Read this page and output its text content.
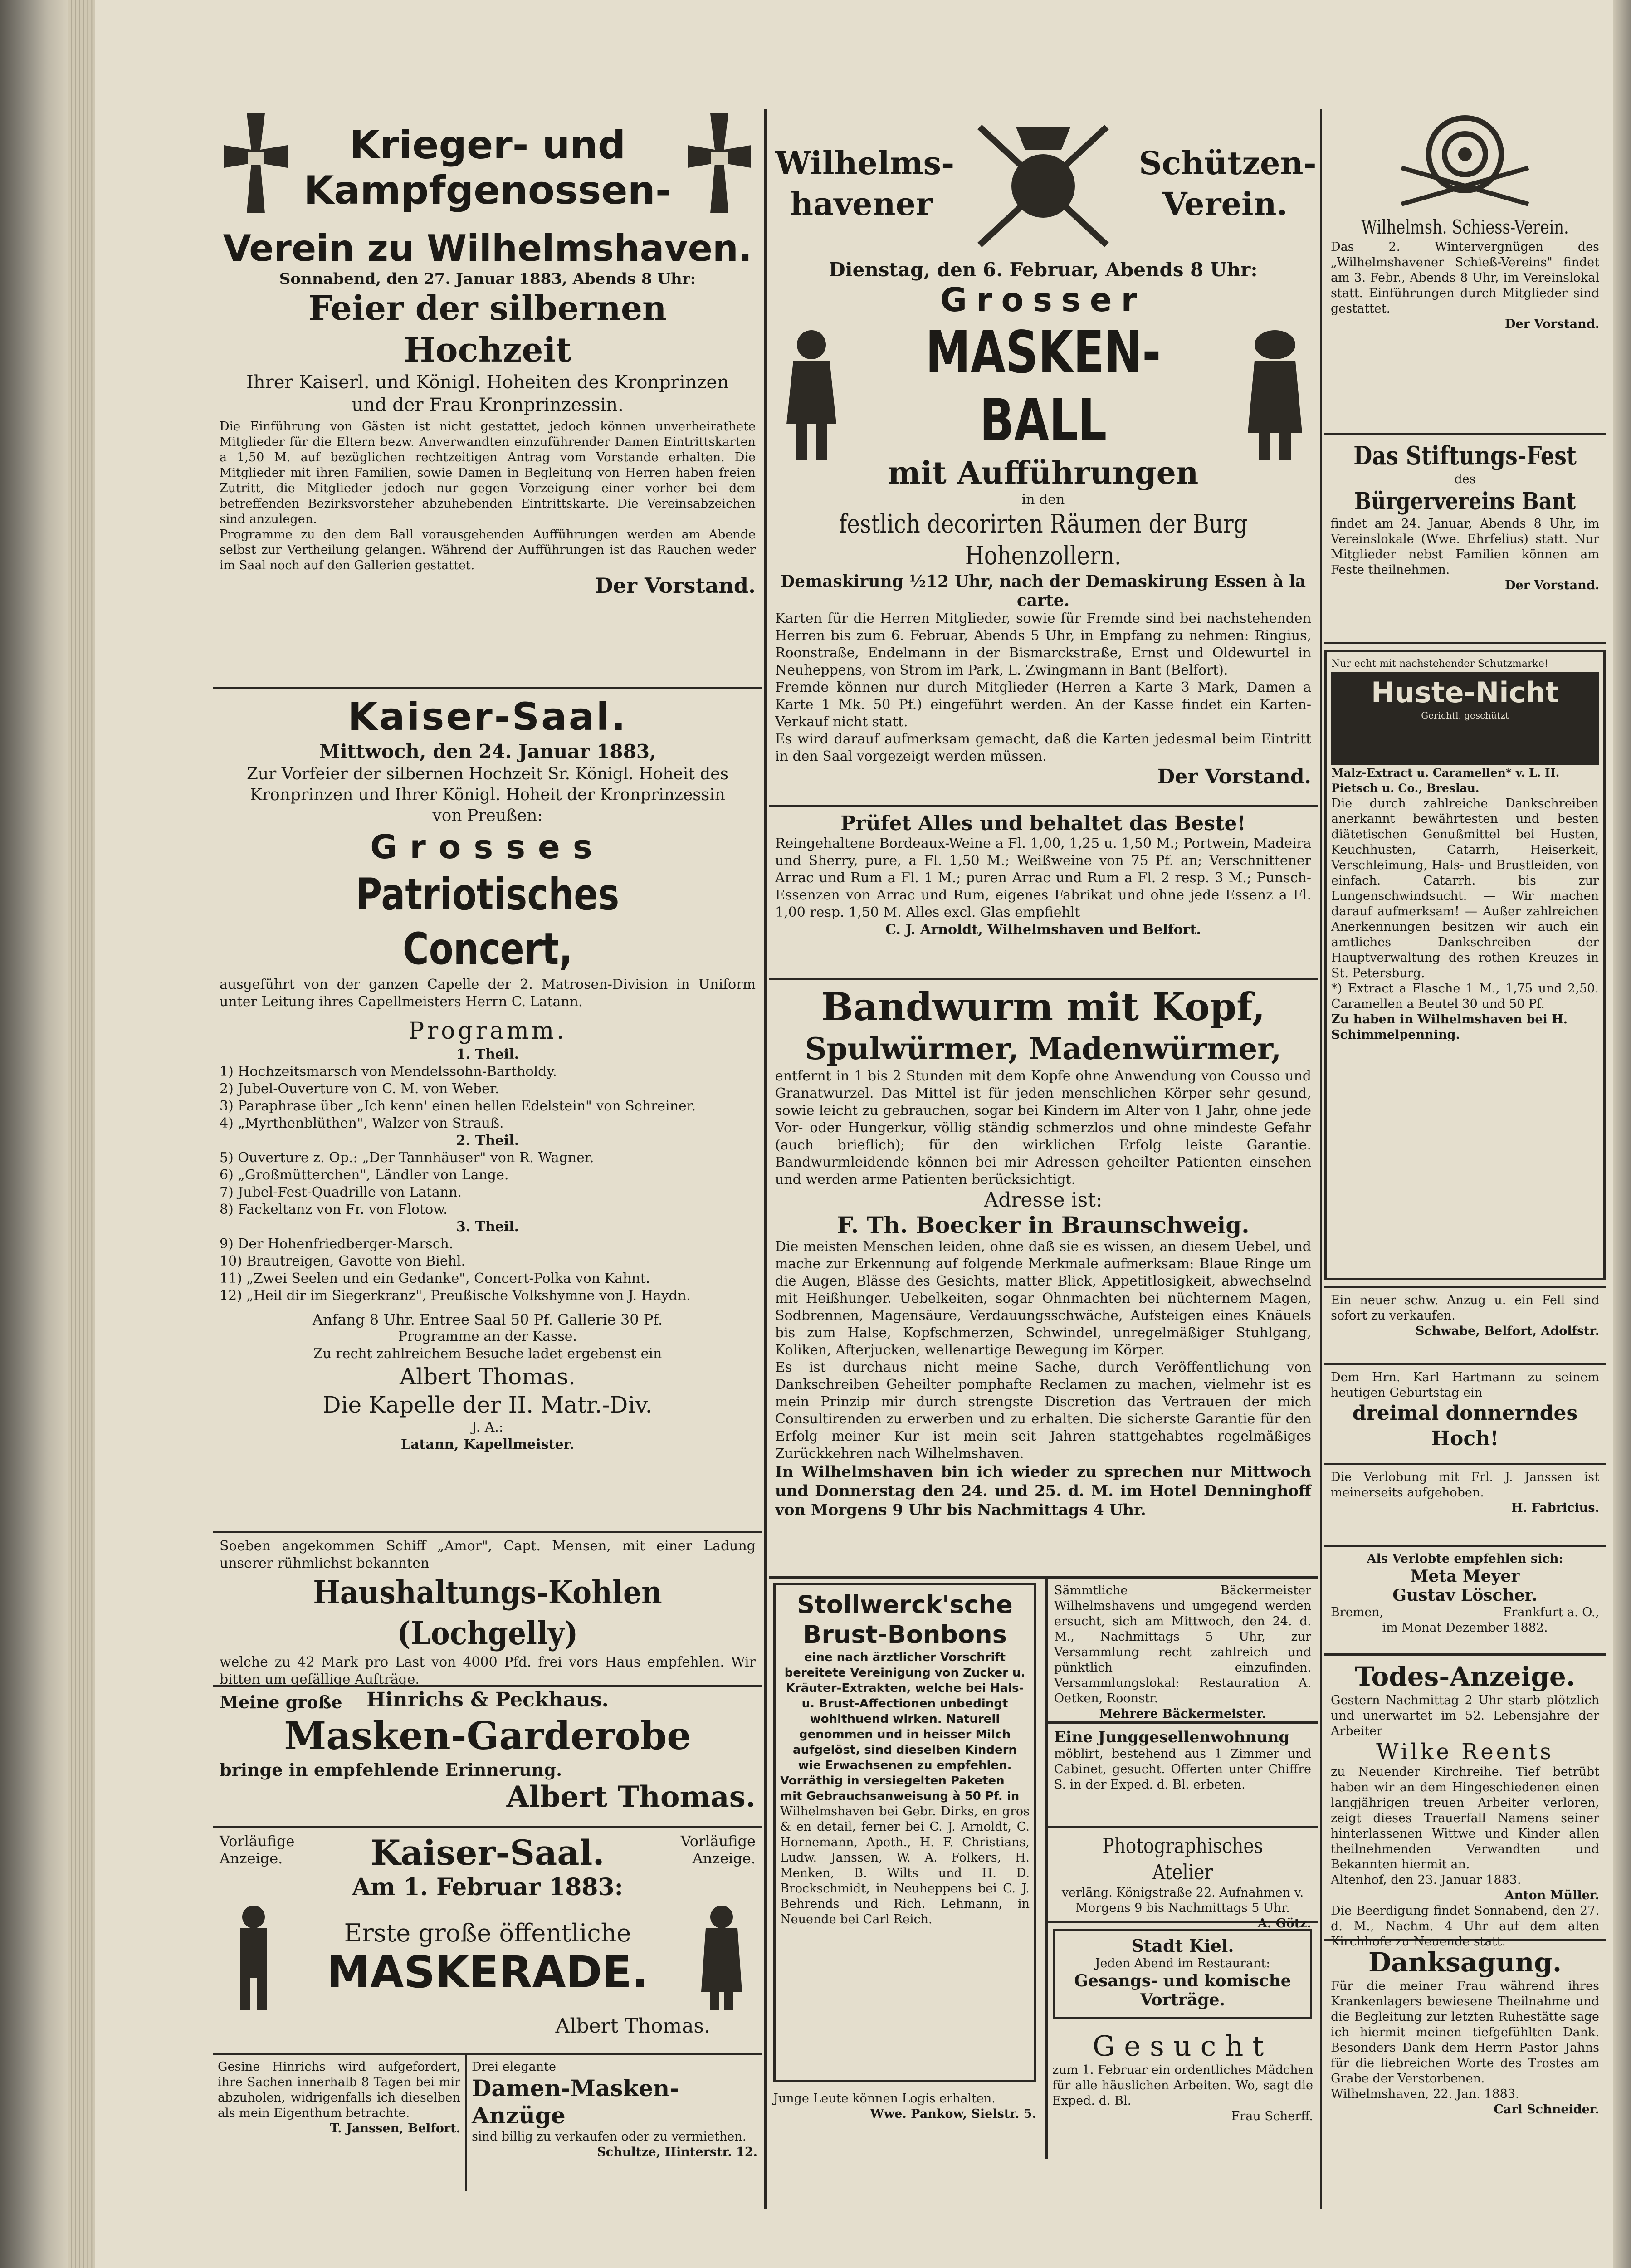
Krieger- und
Kampfgenossen-
Verein zu Wilhelmshaven.
Sonnabend, den 27. Januar 1883, Abends 8 Uhr:
Feier der silbernen Hochzeit
Ihrer Kaiserl. und Königl. Hoheiten des Kronprinzen
und der Frau Kronprinzessin.

Die Einführung von Gästen ist nicht gestattet, jedoch können unverheirathete Mitglieder für die Eltern bezw. Anverwandten einzuführender Damen Eintrittskarten a 1,50 M. auf bezüglichen rechtzeitigen Antrag vom Vorstande erhalten. Die Mitglieder mit ihren Familien, sowie Damen in Begleitung von Herren haben freien Zutritt, die Mitglieder jedoch nur gegen Vorzeigung einer vorher bei dem betreffenden Bezirksvorsteher abzuhebenden Eintrittskarte. Die Vereinsabzeichen sind anzulegen.

Programme zu den dem Ball vorausgehenden Aufführungen werden am Abende selbst zur Vertheilung gelangen. Während der Aufführungen ist das Rauchen weder im Saal noch auf den Gallerien gestattet.

Der Vorstand.
Kaiser-Saal.
Mittwoch, den 24. Januar 1883,
Zur Vorfeier der silbernen Hochzeit Sr. Königl. Hoheit des
Kronprinzen und Ihrer Königl. Hoheit der Kronprinzessin
von Preußen:
Grosses
Patriotisches Concert,

ausgeführt von der ganzen Capelle der 2. Matrosen-Division in Uniform unter Leitung ihres Capellmeisters Herrn C. Latann.

Programm.
1. Theil.
1) Hochzeitsmarsch von Mendelssohn-Bartholdy.
2) Jubel-Ouverture von C. M. von Weber.
3) Paraphrase über „Ich kenn' einen hellen Edelstein" von Schreiner.
4) „Myrthenblüthen", Walzer von Strauß.
2. Theil.
5) Ouverture z. Op.: „Der Tannhäuser" von R. Wagner.
6) „Großmütterchen", Ländler von Lange.
7) Jubel-Fest-Quadrille von Latann.
8) Fackeltanz von Fr. von Flotow.
3. Theil.
9) Der Hohenfriedberger-Marsch.
10) Brautreigen, Gavotte von Biehl.
11) „Zwei Seelen und ein Gedanke", Concert-Polka von Kahnt.
12) „Heil dir im Siegerkranz", Preußische Volkshymne von J. Haydn.
Anfang 8 Uhr. Entree Saal 50 Pf. Gallerie 30 Pf.
Programme an der Kasse.
Zu recht zahlreichem Besuche ladet ergebenst ein
Albert Thomas.
Die Kapelle der II. Matr.-Div.
J. A.:
Latann, Kapellmeister.

Soeben angekommen Schiff „Amor", Capt. Mensen, mit einer Ladung unserer rühmlichst bekannten

Haushaltungs-Kohlen (Lochgelly)

welche zu 42 Mark pro Last von 4000 Pfd. frei vors Haus empfehlen. Wir bitten um gefällige Aufträge.

Hinrichs & Peckhaus.
Meine große
Masken-Garderobe
bringe in empfehlende Erinnerung.
Albert Thomas.
Vorläufige Anzeige.	Kaiser-Saal.	Vorläufige Anzeige.
Am 1. Februar 1883:
Erste große öffentliche
MASKERADE.
Albert Thomas.

Gesine Hinrichs wird aufgefordert, ihre Sachen innerhalb 8 Tagen bei mir abzuholen, widrigenfalls ich dieselben als mein Eigenthum betrachte.

T. Janssen, Belfort.
Drei elegante
Damen-Masken-Anzüge

sind billig zu verkaufen oder zu vermiethen.

Schultze, Hinterstr. 12.
Wilhelms-
havener
Schützen-
Verein.
Dienstag, den 6. Februar, Abends 8 Uhr:
Grosser
MASKEN-BALL
mit Aufführungen
in den
festlich decorirten Räumen der Burg Hohenzollern.
Demaskirung ½12 Uhr, nach der Demaskirung Essen à la carte.

Karten für die Herren Mitglieder, sowie für Fremde sind bei nachstehenden Herren bis zum 6. Februar, Abends 5 Uhr, in Empfang zu nehmen: Ringius, Roonstraße, Endelmann in der Bismarckstraße, Ernst und Oldewurtel in Neuheppens, von Strom im Park, L. Zwingmann in Bant (Belfort).

Fremde können nur durch Mitglieder (Herren a Karte 3 Mark, Damen a Karte 1 Mk. 50 Pf.) eingeführt werden. An der Kasse findet ein Karten-Verkauf nicht statt.

Es wird darauf aufmerksam gemacht, daß die Karten jedesmal beim Eintritt in den Saal vorgezeigt werden müssen.

Der Vorstand.
Prüfet Alles und behaltet das Beste!

Reingehaltene Bordeaux-Weine a Fl. 1,00, 1,25 u. 1,50 M.; Portwein, Madeira und Sherry, pure, a Fl. 1,50 M.; Weißweine von 75 Pf. an; Verschnittener Arrac und Rum a Fl. 1 M.; puren Arrac und Rum a Fl. 2 resp. 3 M.; Punsch-Essenzen von Arrac und Rum, eigenes Fabrikat und ohne jede Essenz a Fl. 1,00 resp. 1,50 M. Alles excl. Glas empfiehlt

C. J. Arnoldt, Wilhelmshaven und Belfort.
Bandwurm mit Kopf,
Spulwürmer, Madenwürmer,

entfernt in 1 bis 2 Stunden mit dem Kopfe ohne Anwendung von Cousso und Granatwurzel. Das Mittel ist für jeden menschlichen Körper sehr gesund, sowie leicht zu gebrauchen, sogar bei Kindern im Alter von 1 Jahr, ohne jede Vor- oder Hungerkur, völlig ständig schmerzlos und ohne mindeste Gefahr (auch brieflich); für den wirklichen Erfolg leiste Garantie. Bandwurmleidende können bei mir Adressen geheilter Patienten einsehen und werden arme Patienten berücksichtigt.

Adresse ist:
F. Th. Boecker in Braunschweig.

Die meisten Menschen leiden, ohne daß sie es wissen, an diesem Uebel, und mache zur Erkennung auf folgende Merkmale aufmerksam: Blaue Ringe um die Augen, Blässe des Gesichts, matter Blick, Appetitlosigkeit, abwechselnd mit Heißhunger. Uebelkeiten, sogar Ohnmachten bei nüchternem Magen, Sodbrennen, Magensäure, Verdauungsschwäche, Aufsteigen eines Knäuels bis zum Halse, Kopfschmerzen, Schwindel, unregelmäßiger Stuhlgang, Koliken, Afterjucken, wellenartige Bewegung im Körper.

Es ist durchaus nicht meine Sache, durch Veröffentlichung von Dankschreiben Geheilter pomphafte Reclamen zu machen, vielmehr ist es mein Prinzip mir durch strengste Discretion das Vertrauen der mich Consultirenden zu erwerben und zu erhalten. Die sicherste Garantie für den Erfolg meiner Kur ist mein seit Jahren stattgehabtes regelmäßiges Zurückkehren nach Wilhelmshaven.

In Wilhelmshaven bin ich wieder zu sprechen nur Mittwoch und Donnerstag den 24. und 25. d. M. im Hotel Denninghoff von Morgens 9 Uhr bis Nachmittags 4 Uhr.

Stollwerck'sche
Brust-Bonbons

eine nach ärztlicher Vorschrift bereitete Vereinigung von Zucker u. Kräuter-Extrakten, welche bei Hals- u. Brust-Affectionen unbedingt wohlthuend wirken. Naturell genommen und in heisser Milch aufgelöst, sind dieselben Kindern wie Erwachsenen zu empfehlen.

Vorräthig in versiegelten Paketen mit Gebrauchsanweisung à 50 Pf. in

Wilhelmshaven bei Gebr. Dirks, en gros & en detail, ferner bei C. J. Arnoldt, C. Hornemann, Apoth., H. F. Christians, Ludw. Janssen, W. A. Folkers, H. Menken, B. Wilts und H. D. Brockschmidt, in Neuheppens bei C. J. Behrends und Rich. Lehmann, in Neuende bei Carl Reich.

Junge Leute können Logis erhalten.
Wwe. Pankow, Sielstr. 5.

Sämmtliche Bäckermeister Wilhelmshavens und umgegend werden ersucht, sich am Mittwoch, den 24. d. M., Nachmittags 5 Uhr, zur Versammlung recht zahlreich und pünktlich einzufinden. Versammlungslokal: Restauration A. Oetken, Roonstr.

Mehrere Bäckermeister.
Eine Junggesellenwohnung

möblirt, bestehend aus 1 Zimmer und Cabinet, gesucht. Offerten unter Chiffre S. in der Exped. d. Bl. erbeten.

Photographisches Atelier

verläng. Königstraße 22. Aufnahmen v. Morgens 9 bis Nachmittags 5 Uhr.

A. Götz.
Stadt Kiel.
Jeden Abend im Restaurant:
Gesangs- und komische Vorträge.
Gesucht

zum 1. Februar ein ordentliches Mädchen für alle häuslichen Arbeiten. Wo, sagt die Exped. d. Bl.

Frau Scherff.
Wilhelmsh. Schiess-Verein.

Das 2. Wintervergnügen des „Wilhelmshavener Schieß-Vereins" findet am 3. Febr., Abends 8 Uhr, im Vereinslokal statt. Einführungen durch Mitglieder sind gestattet.

Der Vorstand.
Das Stiftungs-Fest
des
Bürgervereins Bant

findet am 24. Januar, Abends 8 Uhr, im Vereinslokale (Wwe. Ehrfelius) statt. Nur Mitglieder nebst Familien können am Feste theilnehmen.

Der Vorstand.
Nur echt mit nachstehender Schutzmarke!
Huste-Nicht
Gerichtl. geschützt

Malz-Extract u. Caramellen* v. L. H. Pietsch u. Co., Breslau.

Die durch zahlreiche Dankschreiben anerkannt bewährtesten und besten diätetischen Genußmittel bei Husten, Keuchhusten, Catarrh, Heiserkeit, Verschleimung, Hals- und Brustleiden, von einfach. Catarrh. bis zur Lungenschwindsucht. — Wir machen darauf aufmerksam! — Außer zahlreichen Anerkennungen besitzen wir auch ein amtliches Dankschreiben der Hauptverwaltung des rothen Kreuzes in St. Petersburg.

*) Extract a Flasche 1 M., 1,75 und 2,50. Caramellen a Beutel 30 und 50 Pf.

Zu haben in Wilhelmshaven bei H. Schimmelpenning.

Ein neuer schw. Anzug u. ein Fell sind sofort zu verkaufen.

Schwabe, Belfort, Adolfstr.

Dem Hrn. Karl Hartmann zu seinem heutigen Geburtstag ein

dreimal donnerndes Hoch!

Die Verlobung mit Frl. J. Janssen ist meinerseits aufgehoben.

H. Fabricius.
Als Verlobte empfehlen sich:
Meta Meyer
Gustav Löscher.
Bremen,	Frankfurt a. O.,
im Monat Dezember 1882.
Todes-Anzeige.

Gestern Nachmittag 2 Uhr starb plötzlich und unerwartet im 52. Lebensjahre der Arbeiter

Wilke Reents

zu Neuender Kirchreihe. Tief betrübt haben wir an dem Hingeschiedenen einen langjährigen treuen Arbeiter verloren, zeigt dieses Trauerfall Namens seiner hinterlassenen Wittwe und Kinder allen theilnehmenden Verwandten und Bekannten hiermit an.

Altenhof, den 23. Januar 1883.
Anton Müller.

Die Beerdigung findet Sonnabend, den 27. d. M., Nachm. 4 Uhr auf dem alten Kirchhofe zu Neuende statt.

Danksagung.

Für die meiner Frau während ihres Krankenlagers bewiesene Theilnahme und die Begleitung zur letzten Ruhestätte sage ich hiermit meinen tiefgefühlten Dank. Besonders Dank dem Herrn Pastor Jahns für die liebreichen Worte des Trostes am Grabe der Verstorbenen.

Wilhelmshaven, 22. Jan. 1883.
Carl Schneider.
